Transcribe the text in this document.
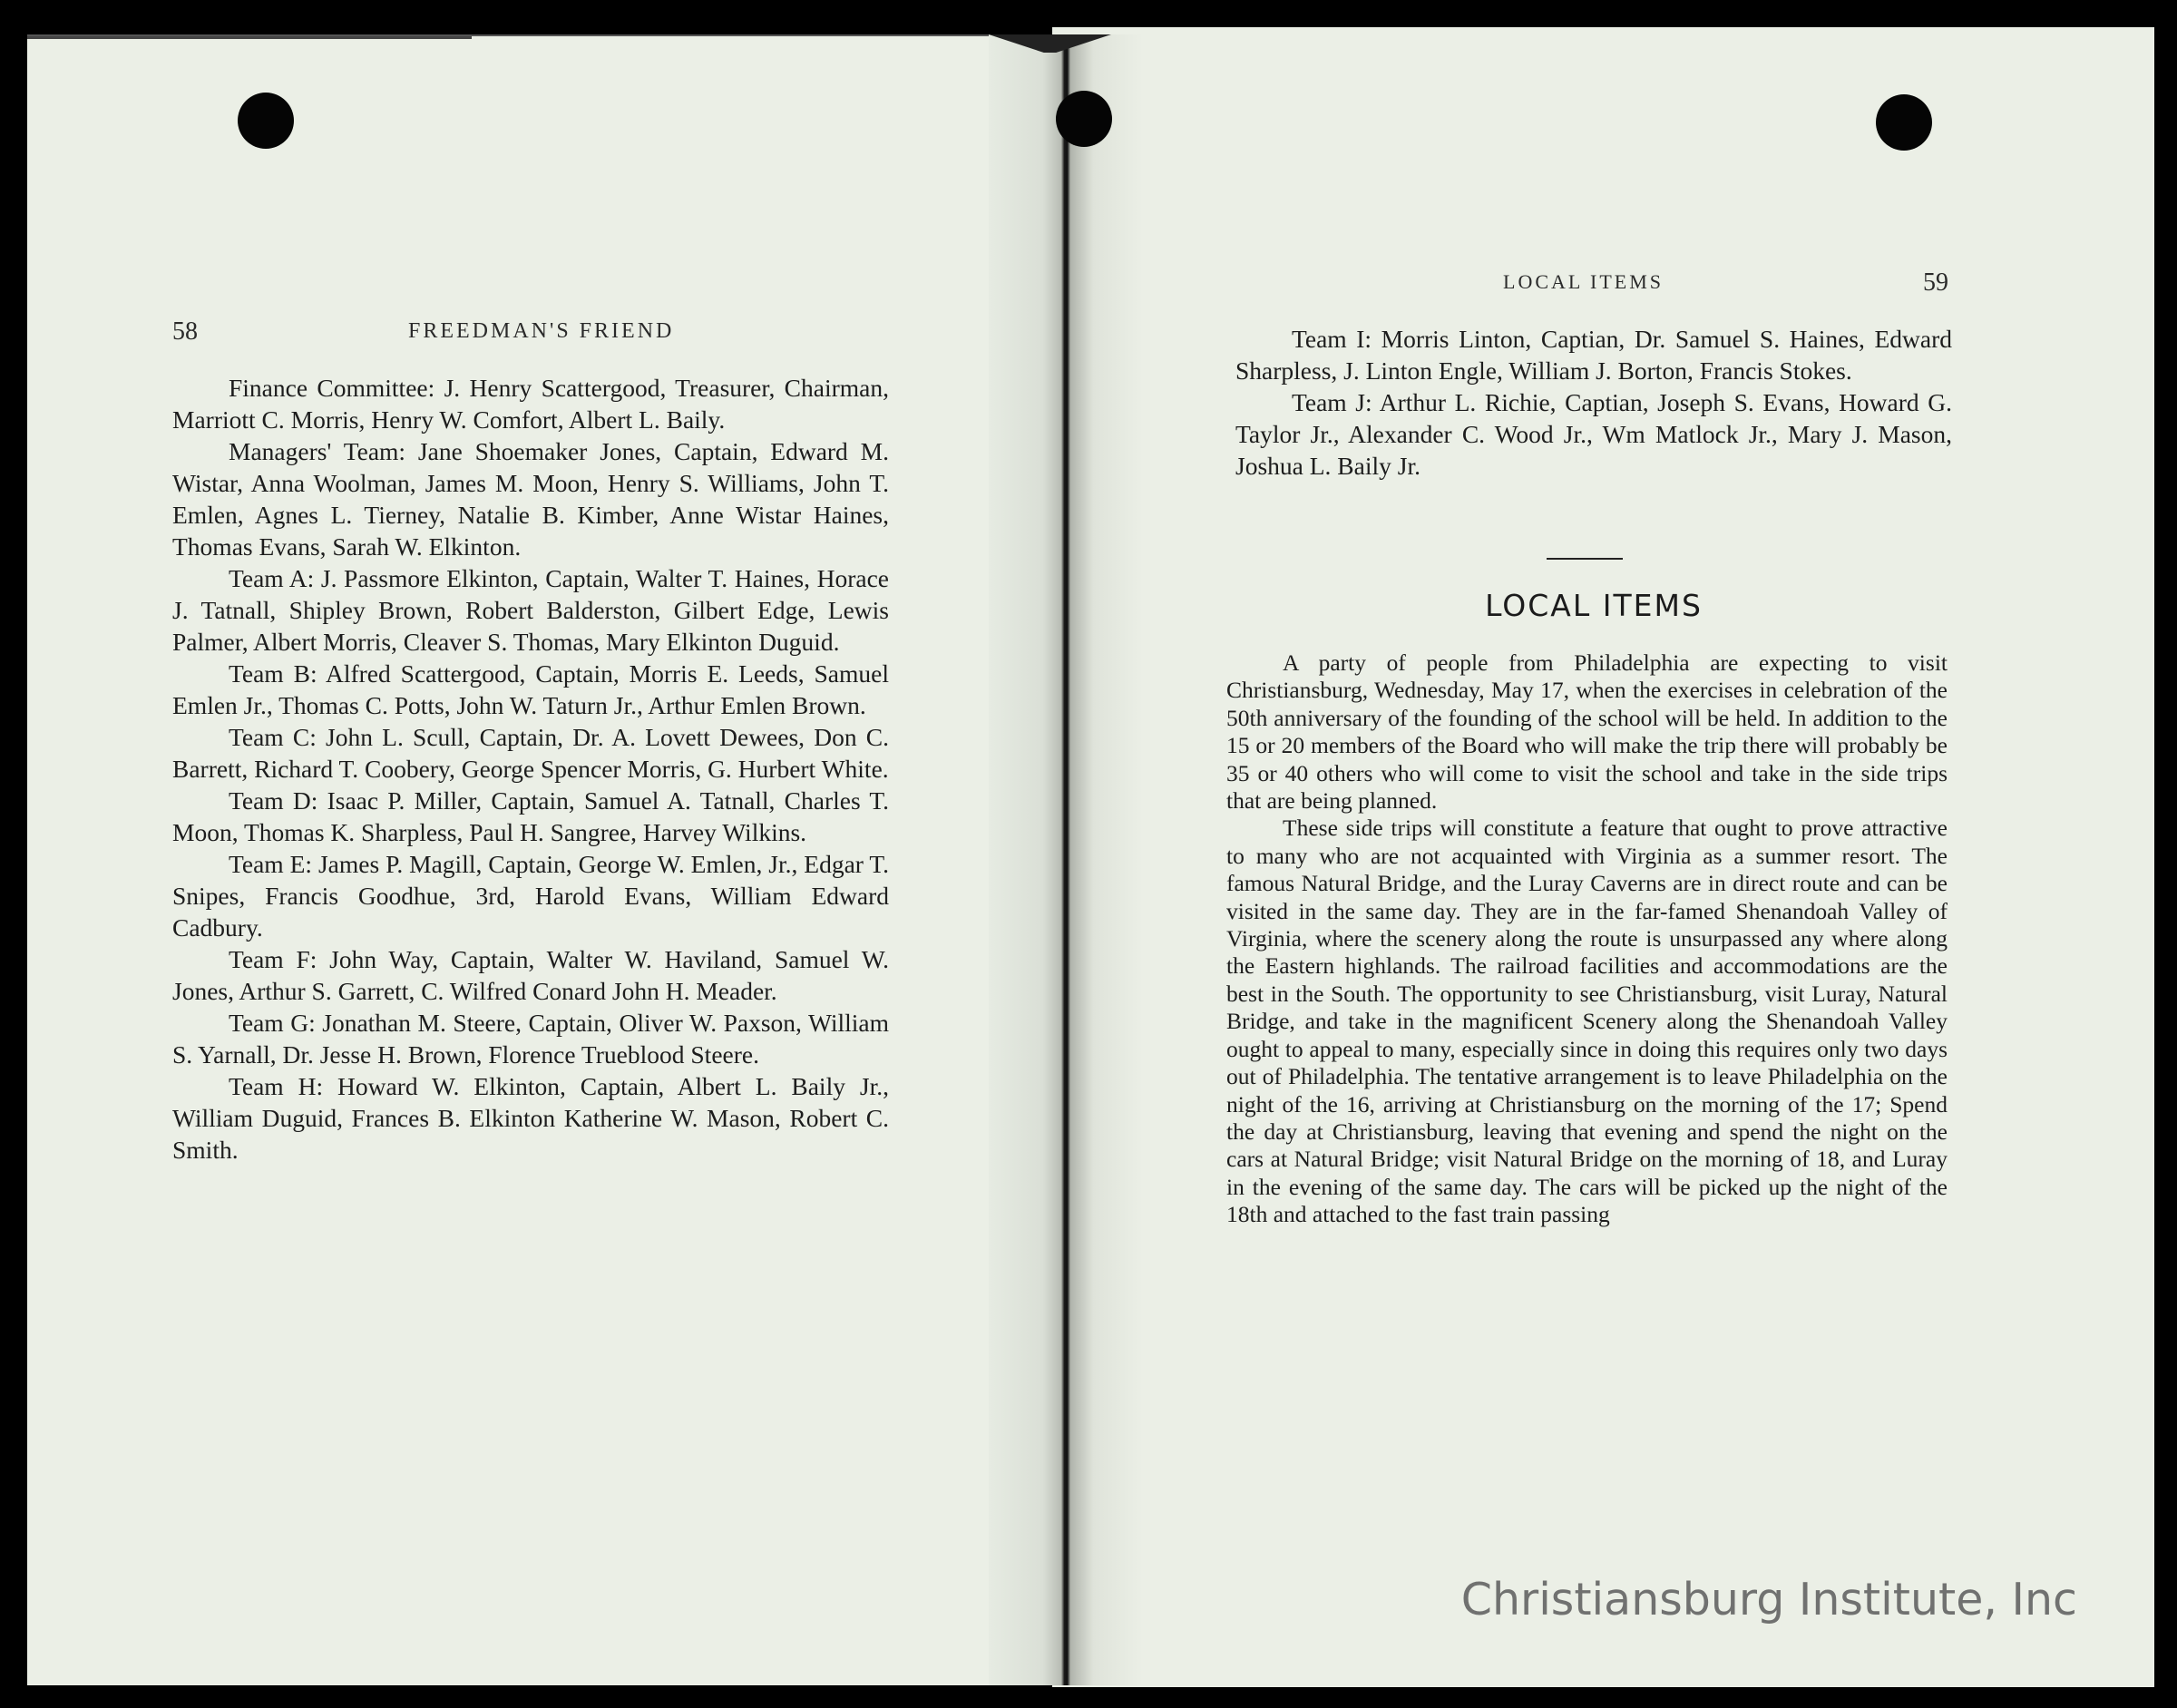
58	FREEDMAN'S FRIEND

Finance Committee: J. Henry Scattergood, Treasurer, Chairman, Marriott C. Morris, Henry W. Comfort, Albert L. Baily.

Managers' Team: Jane Shoemaker Jones, Captain, Edward M. Wistar, Anna Woolman, James M. Moon, Henry S. Williams, John T. Emlen, Agnes L. Tierney, Natalie B. Kimber, Anne Wistar Haines, Thomas Evans, Sarah W. Elkinton.

Team A: J. Passmore Elkinton, Captain, Walter T. Haines, Horace J. Tatnall, Shipley Brown, Robert Balderston, Gilbert Edge, Lewis Palmer, Albert Morris, Cleaver S. Thomas, Mary Elkinton Duguid.

Team B: Alfred Scattergood, Captain, Morris E. Leeds, Samuel Emlen Jr., Thomas C. Potts, John W. Taturn Jr., Arthur Emlen Brown.

Team C: John L. Scull, Captain, Dr. A. Lovett Dewees, Don C. Barrett, Richard T. Coobery, George Spencer Morris, G. Hurbert White.

Team D: Isaac P. Miller, Captain, Samuel A. Tatnall, Charles T. Moon, Thomas K. Sharpless, Paul H. Sangree, Harvey Wilkins.

Team E: James P. Magill, Captain, George W. Emlen, Jr., Edgar T. Snipes, Francis Goodhue, 3rd, Harold Evans, William Edward Cadbury.

Team F: John Way, Captain, Walter W. Haviland, Samuel W. Jones, Arthur S. Garrett, C. Wilfred Conard John H. Meader.

Team G: Jonathan M. Steere, Captain, Oliver W. Paxson, William S. Yarnall, Dr. Jesse H. Brown, Florence Trueblood Steere.

Team H: Howard W. Elkinton, Captain, Albert L. Baily Jr., William Duguid, Frances B. Elkinton Katherine W. Mason, Robert C. Smith.

LOCAL ITEMS	59

Team I: Morris Linton, Captian, Dr. Samuel S. Haines, Edward Sharpless, J. Linton Engle, William J. Borton, Francis Stokes.

Team J: Arthur L. Richie, Captian, Joseph S. Evans, Howard G. Taylor Jr., Alexander C. Wood Jr., Wm Matlock Jr., Mary J. Mason, Joshua L. Baily Jr.

LOCAL ITEMS

A party of people from Philadelphia are expecting to visit Christiansburg, Wednesday, May 17, when the exercises in celebration of the 50th anniversary of the founding of the school will be held. In addition to the 15 or 20 members of the Board who will make the trip there will probably be 35 or 40 others who will come to visit the school and take in the side trips that are being planned.

These side trips will constitute a feature that ought to prove attractive to many who are not acquainted with Virginia as a summer resort. The famous Natural Bridge, and the Luray Caverns are in direct route and can be visited in the same day. They are in the far-famed Shenandoah Valley of Virginia, where the scenery along the route is unsurpassed any where along the Eastern highlands. The railroad facilities and accommodations are the best in the South. The opportunity to see Christiansburg, visit Luray, Natural Bridge, and take in the magnificent Scenery along the Shenandoah Valley ought to appeal to many, especially since in doing this requires only two days out of Philadelphia. The tentative arrangement is to leave Philadelphia on the night of the 16, arriving at Christiansburg on the morning of the 17; Spend the day at Christiansburg, leaving that evening and spend the night on the cars at Natural Bridge; visit Natural Bridge on the morning of 18, and Luray in the evening of the same day. The cars will be picked up the night of the 18th and attached to the fast train passing

Christiansburg Institute, Inc
